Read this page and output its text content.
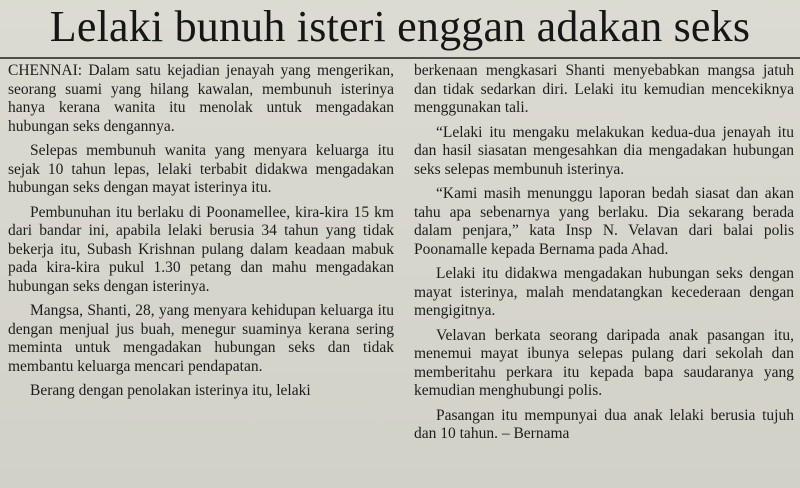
Lelaki bunuh isteri enggan adakan seks

CHENNAI: Dalam satu kejadian jenayah yang mengerikan, seorang suami yang hilang kawalan, membunuh isterinya hanya kerana wanita itu menolak untuk mengadakan hubungan seks dengannya.

Selepas membunuh wanita yang menyara keluarga itu sejak 10 tahun lepas, lelaki terbabit didakwa mengadakan hubungan seks dengan mayat isterinya itu.

Pembunuhan itu berlaku di Poonamellee, kira-kira 15 km dari bandar ini, apabila lelaki berusia 34 tahun yang tidak bekerja itu, Subash Krishnan pulang dalam keadaan mabuk pada kira-kira pukul 1.30 petang dan mahu mengadakan hubungan seks dengan isterinya.

Mangsa, Shanti, 28, yang menyara kehidupan keluarga itu dengan menjual jus buah, menegur suaminya kerana sering meminta untuk mengadakan hubungan seks dan tidak membantu keluarga mencari pendapatan.

Berang dengan penolakan isterinya itu, lelaki

berkenaan mengkasari Shanti menyebabkan mangsa jatuh dan tidak sedarkan diri. Lelaki itu kemudian mencekiknya menggunakan tali.

“Lelaki itu mengaku melakukan kedua-dua jenayah itu dan hasil siasatan mengesahkan dia mengadakan hubungan seks selepas membunuh isterinya.

“Kami masih menunggu laporan bedah siasat dan akan tahu apa sebenarnya yang berlaku. Dia sekarang berada dalam penjara,” kata Insp N. Velavan dari balai polis Poonamalle kepada Bernama pada Ahad.

Lelaki itu didakwa mengadakan hubungan seks dengan mayat isterinya, malah mendatangkan kecederaan dengan mengigitnya.

Velavan berkata seorang daripada anak pasangan itu, menemui mayat ibunya selepas pulang dari sekolah dan memberitahu perkara itu kepada bapa saudaranya yang kemudian menghubungi polis.

Pasangan itu mempunyai dua anak lelaki berusia tujuh dan 10 tahun. – Bernama
